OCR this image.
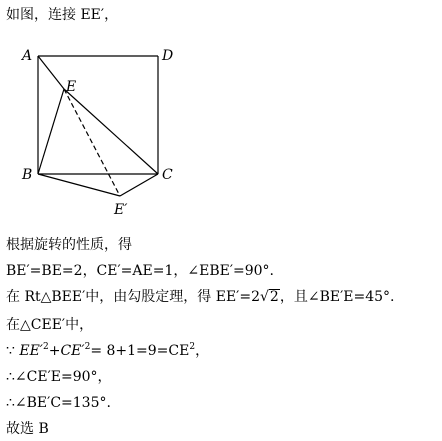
如图，连接 EE′，
A	D
E
B	C
E′
根据旋转的性质，得
BE′=BE=2，CE′=AE=1，∠EBE′=90°.
在 Rt△BEE′中，由勾股定理，得 EE′=2√2，且∠BE′E=45°.
在△CEE′中，
∵ $EE'^2+CE'^2= 8+1=9=CE^2$，
∴∠CE′E=90°，
∴∠BE′C=135°.
故选 B
